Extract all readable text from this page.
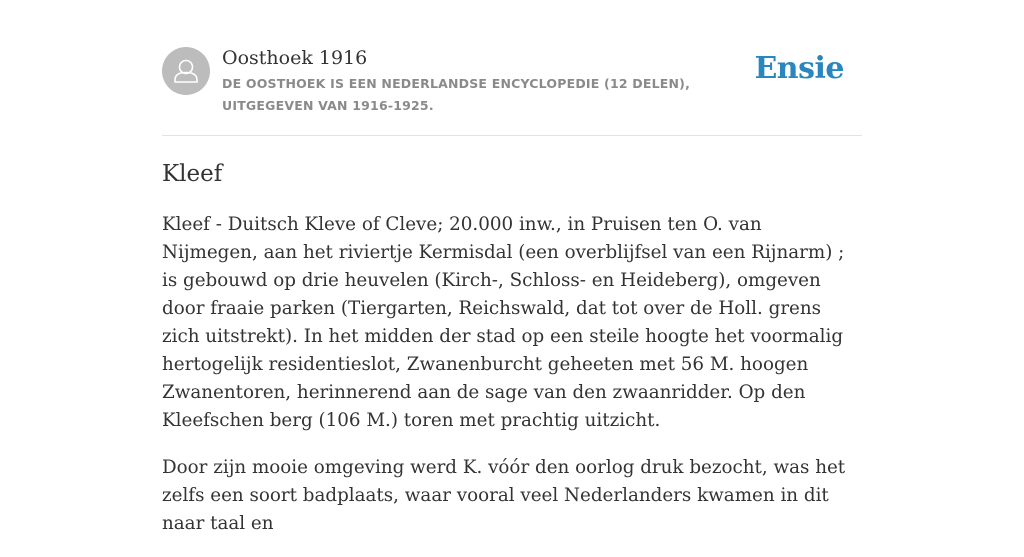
Oosthoek 1916
DE OOSTHOEK IS EEN NEDERLANDSE ENCYCLOPEDIE (12 DELEN), UITGEGEVEN VAN 1916-1925.
Ensie
Kleef

Kleef - Duitsch Kleve of Cleve; 20.000 inw., in Pruisen ten O. van Nijmegen, aan het riviertje Kermisdal (een overblijfsel van een Rijnarm) ; is gebouwd op drie heuvelen (Kirch-, Schloss- en Heideberg), omgeven door fraaie parken (Tiergarten, Reichswald, dat tot over de Holl. grens zich uitstrekt). In het midden der stad op een steile hoogte het voormalig hertogelijk residentieslot, Zwanenburcht geheeten met 56 M. hoogen Zwanentoren, herinnerend aan de sage van den zwaanridder. Op den Kleefschen berg (106 M.) toren met prachtig uitzicht.

Door zijn mooie omgeving werd K. vóór den oorlog druk bezocht, was het zelfs een soort badplaats, waar vooral veel Nederlanders kwamen in dit naar taal en
